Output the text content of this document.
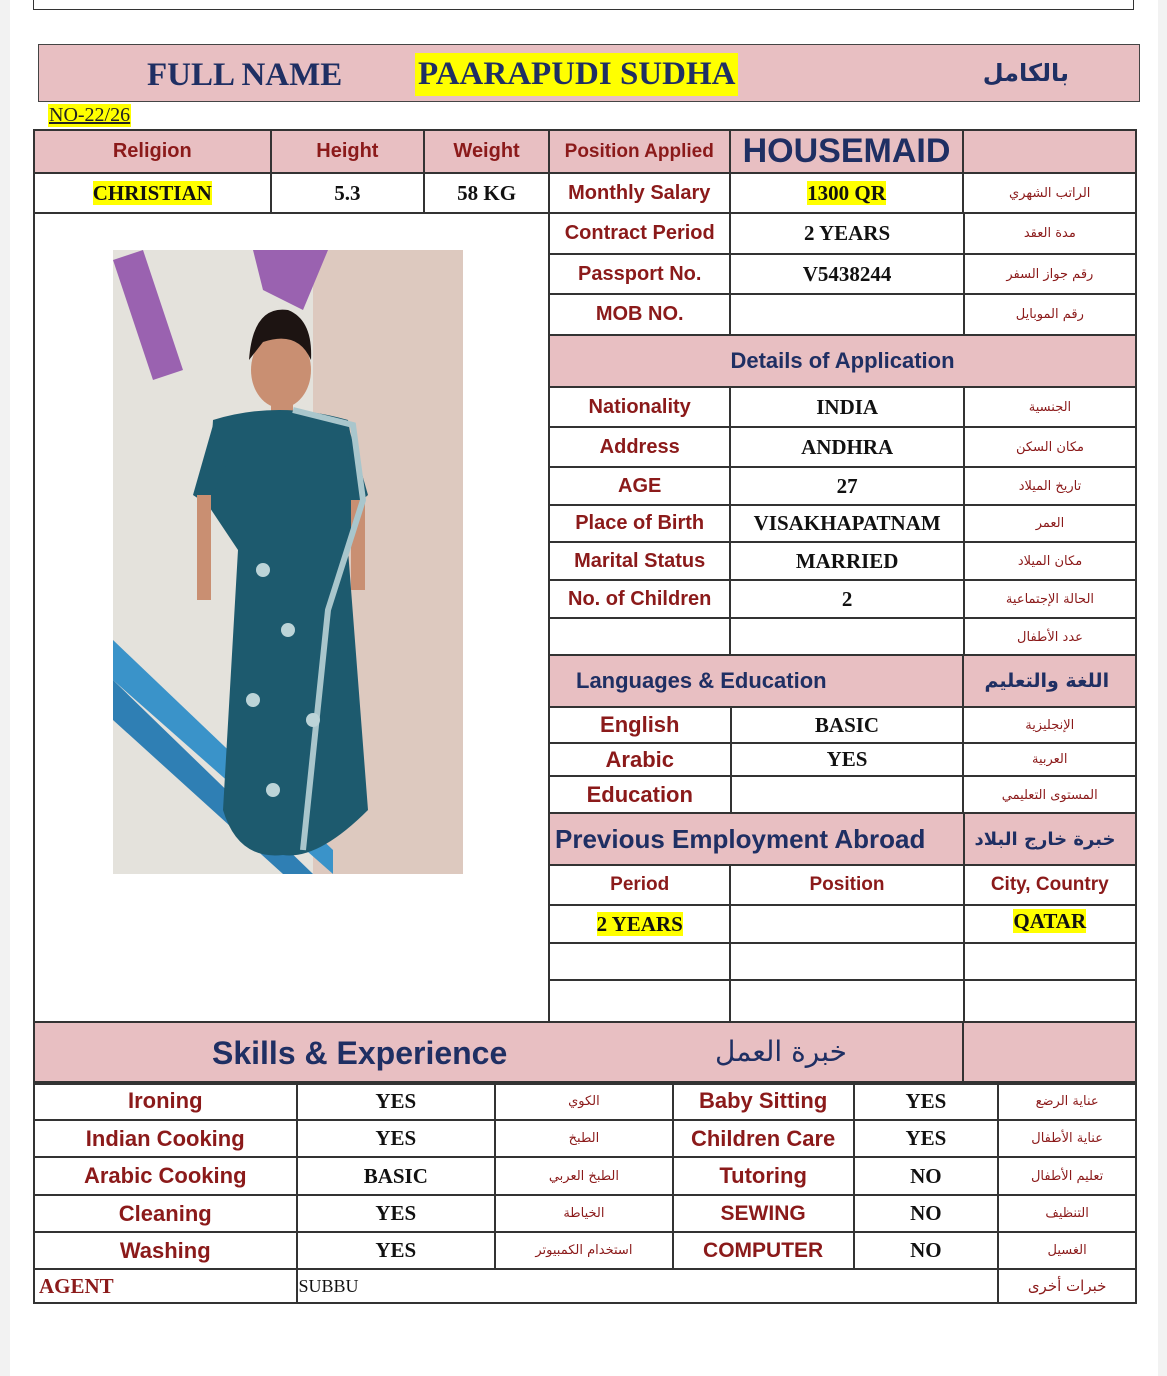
FULL NAME PAARAPUDI SUDHA	بالكامل
NO-22/26
Religion	Height	Weight	Position Applied	HOUSEMAID	
CHRISTIAN	5.3	58 KG	Monthly Salary	1300 QR	الراتب الشهري
Contract Period	2 YEARS	مدة العقد
Passport No.	V5438244	رقم جواز السفر
MOB NO.		رقم الموبايل
Details of Application		
Nationality	INDIA	الجنسية
Address	ANDHRA	مكان السكن
AGE	27	تاريخ الميلاد
Place of Birth	VISAKHAPATNAM	العمر
Marital Status	MARRIED	مكان الميلاد
No. of Children	2	الحالة الإجتماعية
		عدد الأطفال
Languages & Education		اللغة والتعليم
English	BASIC	الإنجليزية
Arabic	YES	العربية
Education		المستوى التعليمي
Previous Employment Abroad		خبرة خارج البلاد
Period	Position	City, Country
2 YEARS		QATAR

Skills & Experience	خبرة العمل

Ironing	YES	الكوي	Baby Sitting	YES	عناية الرضع
Indian Cooking	YES	الطبخ	Children Care	YES	عناية الأطفال
Arabic Cooking	BASIC	الطبخ العربي	Tutoring	NO	تعليم الأطفال
Cleaning	YES	الخياطة	SEWING	NO	التنظيف
Washing	YES	استخدام الكمبيوتر	COMPUTER	NO	الغسيل
AGENT	SUBBU				خبرات أخرى
